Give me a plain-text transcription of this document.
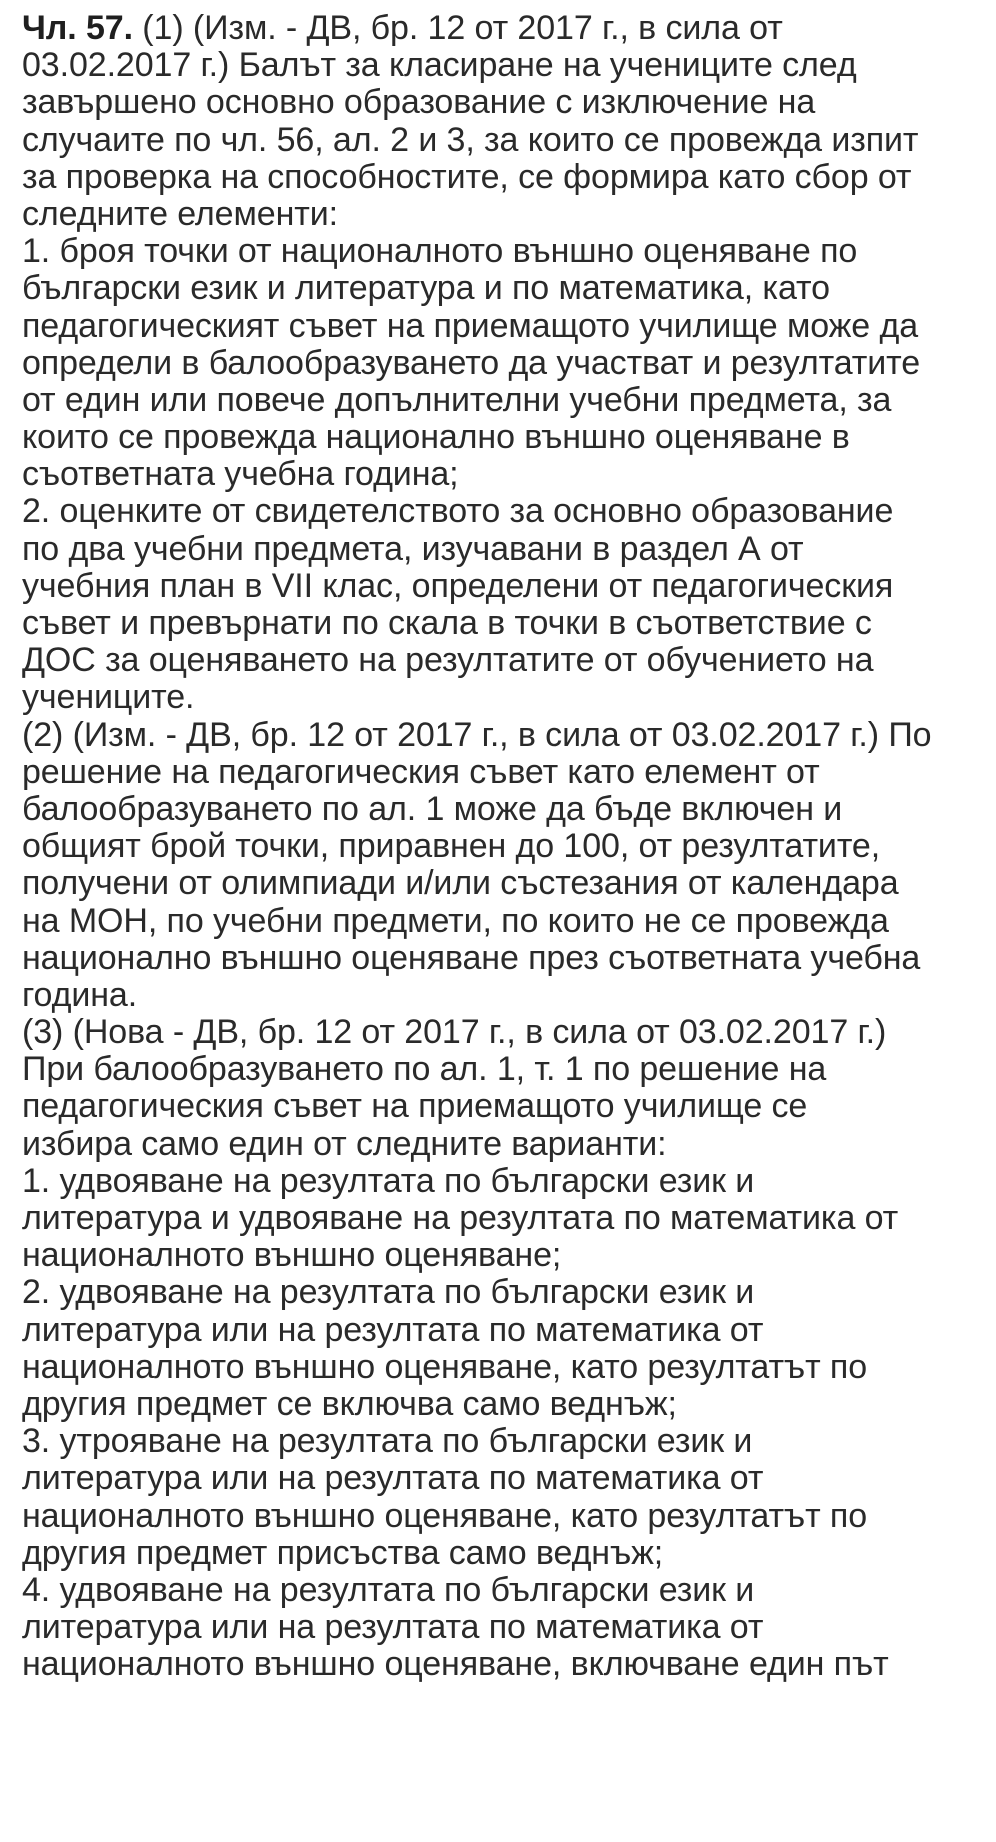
Чл. 57. (1) (Изм. - ДВ, бр. 12 от 2017 г., в сила от
03.02.2017 г.) Балът за класиране на учениците след
завършено основно образование с изключение на
случаите по чл. 56, ал. 2 и 3, за които се провежда изпит
за проверка на способностите, се формира като сбор от
следните елементи:
1. броя точки от националното външно оценяване по
български език и литература и по математика, като
педагогическият съвет на приемащото училище може да
определи в балообразуването да участват и резултатите
от един или повече допълнителни учебни предмета, за
които се провежда национално външно оценяване в
съответната учебна година;
2. оценките от свидетелството за основно образование
по два учебни предмета, изучавани в раздел А от
учебния план в VII клас, определени от педагогическия
съвет и превърнати по скала в точки в съответствие с
ДОС за оценяването на резултатите от обучението на
учениците.
(2) (Изм. - ДВ, бр. 12 от 2017 г., в сила от 03.02.2017 г.) По
решение на педагогическия съвет като елемент от
балообразуването по ал. 1 може да бъде включен и
общият брой точки, приравнен до 100, от резултатите,
получени от олимпиади и/или състезания от календара
на МОН, по учебни предмети, по които не се провежда
национално външно оценяване през съответната учебна
година.
(3) (Нова - ДВ, бр. 12 от 2017 г., в сила от 03.02.2017 г.)
При балообразуването по ал. 1, т. 1 по решение на
педагогическия съвет на приемащото училище се
избира само един от следните варианти:
1. удвояване на резултата по български език и
литература и удвояване на резултата по математика от
националното външно оценяване;
2. удвояване на резултата по български език и
литература или на резултата по математика от
националното външно оценяване, като резултатът по
другия предмет се включва само веднъж;
3. утрояване на резултата по български език и
литература или на резултата по математика от
националното външно оценяване, като резултатът по
другия предмет присъства само веднъж;
4. удвояване на резултата по български език и
литература или на резултата по математика от
националното външно оценяване, включване един път
